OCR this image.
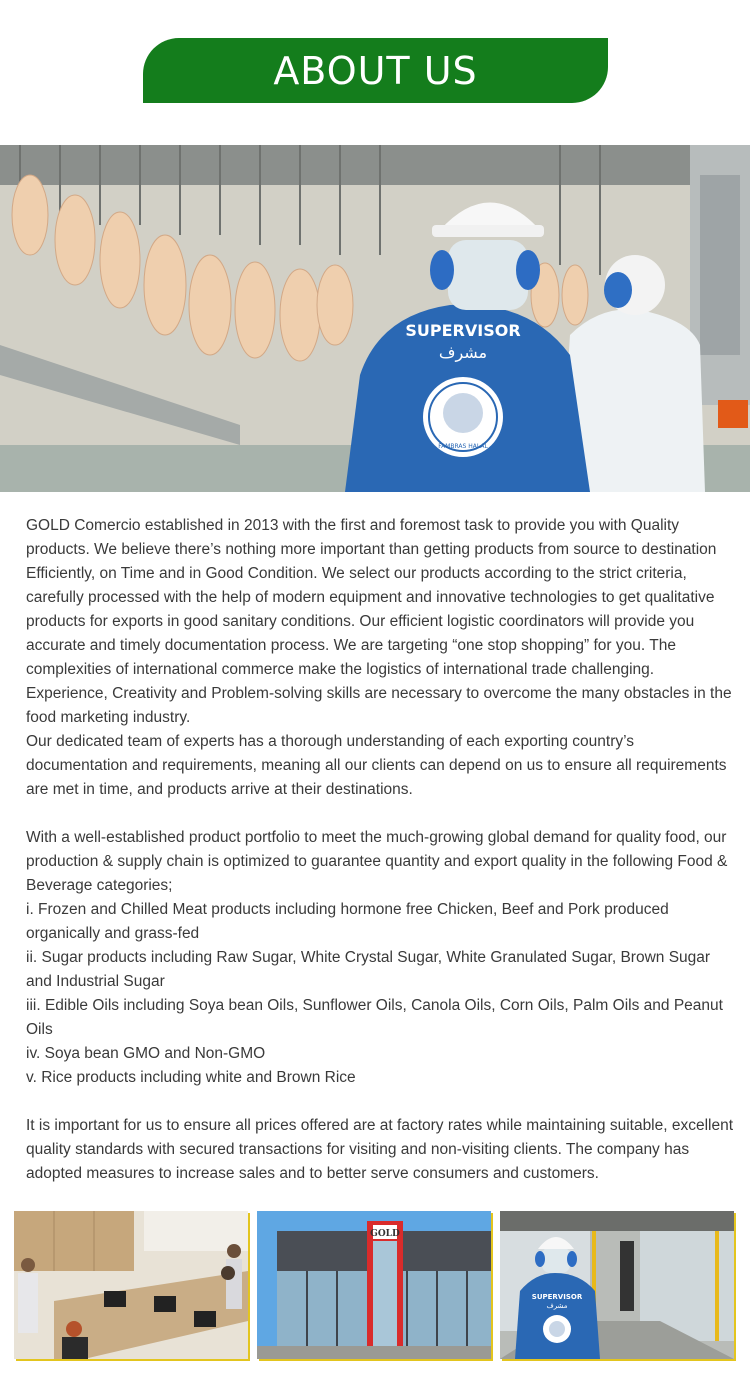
ABOUT US
SUPERVISOR
مشرف
FAMBRAS HALAL

GOLD Comercio established in 2013 with the first and foremost task to provide you with Quality products. We believe there’s nothing more important than getting products from source to destination Efficiently, on Time and in Good Condition. We select our products according to the strict criteria, carefully processed with the help of modern equipment and innovative technologies to get qualitative products for exports in good sanitary conditions. Our efficient logistic coordinators will provide you accurate and timely documentation process. We are targeting “one stop shopping” for you. The complexities of international commerce make the logistics of international trade challenging. Experience, Creativity and Problem-solving skills are necessary to overcome the many obstacles in the food marketing industry.

Our dedicated team of experts has a thorough understanding of each exporting country’s documentation and requirements, meaning all our clients can depend on us to ensure all requirements are met in time, and products arrive at their destinations.

With a well-established product portfolio to meet the much-growing global demand for quality food, our production & supply chain is optimized to guarantee quantity and export quality in the following Food & Beverage categories;

i. Frozen and Chilled Meat products including hormone free Chicken, Beef and Pork produced organically and grass-fed

ii. Sugar products including Raw Sugar, White Crystal Sugar, White Granulated Sugar, Brown Sugar and Industrial Sugar

iii. Edible Oils including Soya bean Oils, Sunflower Oils, Canola Oils, Corn Oils, Palm Oils and Peanut Oils

iv. Soya bean GMO and Non-GMO

v. Rice products including white and Brown Rice

It is important for us to ensure all prices offered are at factory rates while maintaining suitable, excellent quality standards with secured transactions for visiting and non-visiting clients. The company has adopted measures to increase sales and to better serve consumers and customers.

GOLD
SUPERVISOR
مشرف
